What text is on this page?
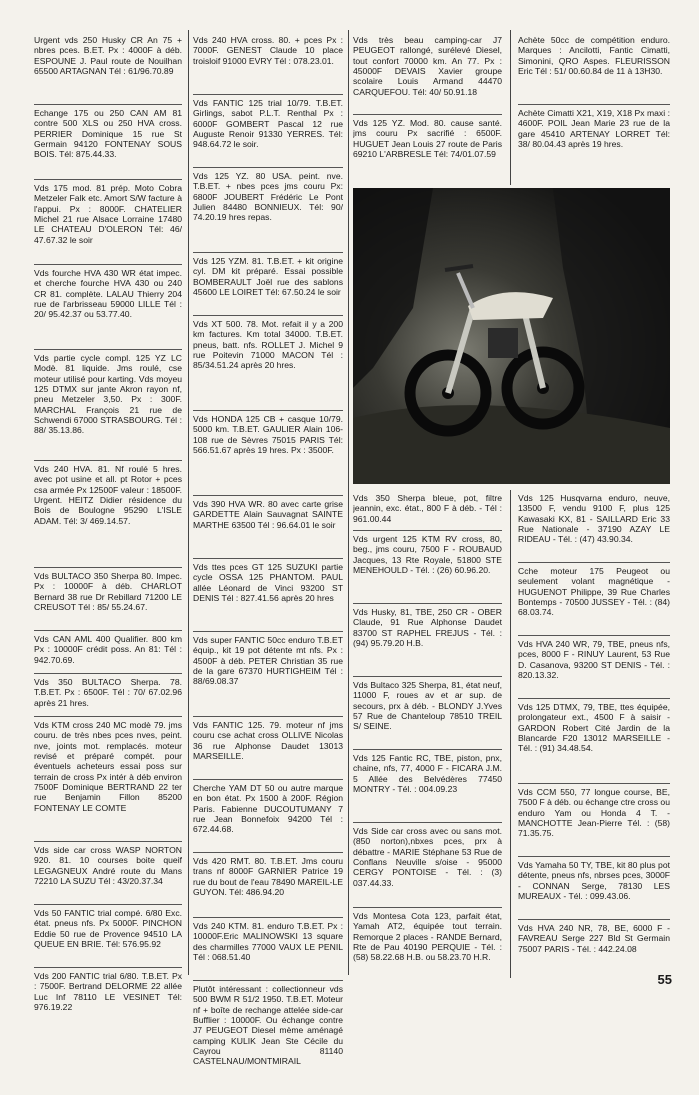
Urgent vds 250 Husky CR An 75 + nbres pces. B.ET. Px : 4000F à déb. ESPOUNE J. Paul route de Nouilhan 65500 ARTAGNAN Tél : 61/96.70.89

Echange 175 ou 250 CAN AM 81 contre 500 XLS ou 250 HVA cross. PERRIER Dominique 15 rue St Germain 94120 FONTENAY SOUS BOIS. Tél: 875.44.33.

Vds 175 mod. 81 prép. Moto Cobra Metzeler Falk etc. Amort S/W facture à l'appui. Px : 8000F. CHATELIER Michel 21 rue Alsace Lorraine 17480 LE CHATEAU D'OLERON Tél: 46/ 47.67.32 le soir

Vds fourche HVA 430 WR état impec. et cherche fourche HVA 430 ou 240 CR 81. complète. LALAU Thierry 204 rue de l'arbrisseau 59000 LILLE Tél : 20/ 95.42.37 ou 53.77.40.

Vds partie cycle compl. 125 YZ LC Modè. 81 liquide. Jms roulé, cse moteur utilisé pour karting. Vds moyeu 125 DTMX sur jante Akron rayon nf, pneu Metzeler 3,50. Px : 300F. MARCHAL François 21 rue de Schwendi 67000 STRASBOURG. Tél : 88/ 35.13.86.

Vds 240 HVA. 81. Nf roulé 5 hres. avec pot usine et all. pt Rotor + pces csa armée Px 12500F valeur : 18500F. Urgent. HEITZ Didier résidence du Bois de Boulogne 95290 L'ISLE ADAM. Tél: 3/ 469.14.57.

Vds BULTACO 350 Sherpa 80. Impec. Px : 10000F à déb. CHARLOT Bernard 38 rue Dr Rebillard 71200 LE CREUSOT Tél : 85/ 55.24.67.

Vds CAN AML 400 Qualifier. 800 km Px : 10000F crédit poss. An 81: Tél : 942.70.69.

Vds 350 BULTACO Sherpa. 78. T.B.ET. Px : 6500F. Tél : 70/ 67.02.96 après 21 hres.

Vds KTM cross 240 MC modè 79. jms couru. de très nbes pces nves, peint. nve, joints mot. remplacés. moteur revisé et préparé compét. pour éventuels acheteurs essai poss sur terrain de cross Px intér à déb environ 7500F Dominique BERTRAND 22 ter rue Benjamin Fillon 85200 FONTENAY LE COMTE

Vds side car cross WASP NORTON 920. 81. 10 courses boite queif LEGAGNEUX André route du Mans 72210 LA SUZU Tél : 43/20.37.34

Vds 50 FANTIC trial compé. 6/80 Exc. état. pneus nfs. Px 5000F. PINCHON Eddie 50 rue de Provence 94510 LA QUEUE EN BRIE. Tél: 576.95.92

Vds 200 FANTIC trial 6/80. T.B.ET. Px : 7500F. Bertrand DELORME 22 allée Luc Inf 78110 LE VESINET Tél: 976.19.22

Vds 240 HVA cross. 80. + pces Px : 7000F. GENEST Claude 10 place troisloif 91000 EVRY Tél : 078.23.01.

Vds FANTIC 125 trial 10/79. T.B.ET. Girlings, sabot P.L.T. Renthal Px : 6000F GOMBERT Pascal 12 rue Auguste Renoir 91330 YERRES. Tél: 948.64.72 le soir.

Vds 125 YZ. 80 USA. peint. nve. T.B.ET. + nbes pces jms couru Px: 6800F JOUBERT Frédéric Le Pont Julien 84480 BONNIEUX. Tél: 90/ 74.20.19 hres repas.

Vds 125 YZM. 81. T.B.ET. + kit origine cyl. DM kit préparé. Essai possible BOMBERAULT Joël rue des sablons 45600 LE LOIRET Tél: 67.50.24 le soir

Vds XT 500. 78. Mot. refait il y a 200 km factures. Km total 34000. T.B.ET. pneus, batt. nfs. ROLLET J. Michel 9 rue Poitevin 71000 MACON Tél : 85/34.51.24 après 20 hres.

Vds HONDA 125 CB + casque 10/79. 5000 km. T.B.ET. GAULIER Alain 106-108 rue de Sèvres 75015 PARIS Tél: 566.51.67 après 19 hres. Px : 3500F.

Vds 390 HVA WR. 80 avec carte grise GARDETTE Alain Sauvagnat SAINTE MARTHE 63500 Tél : 96.64.01 le soir

Vds ttes pces GT 125 SUZUKI partie cycle OSSA 125 PHANTOM. PAUL allée Léonard de Vinci 93200 ST DENIS Tél : 827.41.56 après 20 hres

Vds super FANTIC 50cc enduro T.B.ET équip., kit 19 pot détente mt nfs. Px : 4500F à déb. PETER Christian 35 rue de la gare 67370 HURTIGHEIM Tél : 88/69.08.37

Vds FANTIC 125. 79. moteur nf jms couru cse achat cross OLLIVE Nicolas 36 rue Alphonse Daudet 13013 MARSEILLE.

Cherche YAM DT 50 ou autre marque en bon état. Px 1500 à 200F. Région Paris. Fabienne DUCOUTUMANY 7 rue Jean Bonnefoix 94200 Tél : 672.44.68.

Vds 420 RMT. 80. T.B.ET. Jms couru trans nf 8000F GARNIER Patrice 19 rue du bout de l'eau 78490 MAREIL-LE GUYON. Tél: 486.94.20

Vds 240 KTM. 81. enduro T.B.ET. Px : 10000F.Eric MALINOWSKI 13 square des charmilles 77000 VAUX LE PENIL Tél : 068.51.40

Plutôt intéressant : collectionneur vds 500 BWM R 51/2 1950. T.B.ET. Moteur nf + boîte de rechange attelée side-car Bufflier : 10000F. Ou échange contre J7 PEUGEOT Diesel mème aménagé camping KULIK Jean Ste Cécile du Cayrou 81140 CASTELNAU/MONTMIRAIL

Vds très beau camping-car J7 PEUGEOT rallongé, surélevé Diesel, tout confort 70000 km. An 77. Px : 45000F DEVAIS Xavier groupe scolaire Louis Armand 44470 CARQUEFOU. Tél: 40/ 50.91.18

Vds 125 YZ. Mod. 80. cause santé. jms couru Px sacrifié : 6500F. HUGUET Jean Louis 27 route de Paris 69210 L'ARBRESLE Tél: 74/01.07.59

Achète 50cc de compétition enduro. Marques : Ancilotti, Fantic Cimatti, Simonini, QRO Aspes. FLEURISSON Eric Tél : 51/ 00.60.84 de 11 à 13H30.

Achète Cimatti X21, X19, X18 Px maxi : 4600F. POIL Jean Marie 23 rue de la gare 45410 ARTENAY LORRET Tél: 38/ 80.04.43 après 19 hres.

Vds 350 Sherpa bleue, pot, filtre jeannin, exc. état., 800 F à déb. - Tél : 961.00.44

Vds urgent 125 KTM RV cross, 80, beg., jms couru, 7500 F - ROUBAUD Jacques, 13 Rte Royale, 51800 STE MENEHOULD - Tél. : (26) 60.96.20.

Vds Husky, 81, TBE, 250 CR - OBER Claude, 91 Rue Alphonse Daudet 83700 ST RAPHEL FREJUS - Tél. : (94) 95.79.20 H.B.

Vds Bultaco 325 Sherpa, 81, état neuf, 11000 F, roues av et ar sup. de secours, prx à déb. - BLONDY J.Yves 57 Rue de Chanteloup 78510 TREIL S/ SEINE.

Vds 125 Fantic RC, TBE, piston, pnx, chaine, nfs, 77, 4000 F - FICARA J.M. 5 Allée des Belvédères 77450 MONTRY - Tél. : 004.09.23

Vds Side car cross avec ou sans mot. (850 norton),nbxes pces, prx à débattre - MARIE Stéphane 53 Rue de Conflans Neuville s/oise - 95000 CERGY PONTOISE - Tél. : (3) 037.44.33.

Vds Montesa Cota 123, parfait état, Yamah AT2, équipée tout terrain. Remorque 2 places - RANDE Bernard, Rte de Pau 40190 PERQUIE - Tél. : (58) 58.22.68 H.B. ou 58.23.70 H.R.

Vds 125 Husqvarna enduro, neuve, 13500 F, vendu 9100 F, plus 125 Kawasaki KX, 81 - SAILLARD Eric 33 Rue Nationale - 37190 AZAY LE RIDEAU - Tél. : (47) 43.90.34.

Cche moteur 175 Peugeot ou seulement volant magnétique - HUGUENOT Philippe, 39 Rue Charles Bontemps - 70500 JUSSEY - Tél. : (84) 68.03.74.

Vds HVA 240 WR, 79, TBE, pneus nfs, pces, 8000 F - RINUY Laurent, 53 Rue D. Casanova, 93200 ST DENIS - Tél. : 820.13.32.

Vds 125 DTMX, 79, TBE, ttes équipée, prolongateur ext., 4500 F à saisir - GARDON Robert Cité Jardin de la Blancarde F20 13012 MARSEILLE - Tél. : (91) 34.48.54.

Vds CCM 550, 77 longue course, BE, 7500 F à déb. ou échange ctre cross ou enduro Yam ou Honda 4 T. - MANCHOTTE Jean-Pierre Tél. : (58) 71.35.75.

Vds Yamaha 50 TY, TBE, kit 80 plus pot détente, pneus nfs, nbrses pces, 3000F - CONNAN Serge, 78130 LES MUREAUX - Tél. : 099.43.06.

Vds HVA 240 NR, 78, BE, 6000 F - FAVREAU Serge 227 Bld St Germain 75007 PARIS - Tél. : 442.24.08

55
